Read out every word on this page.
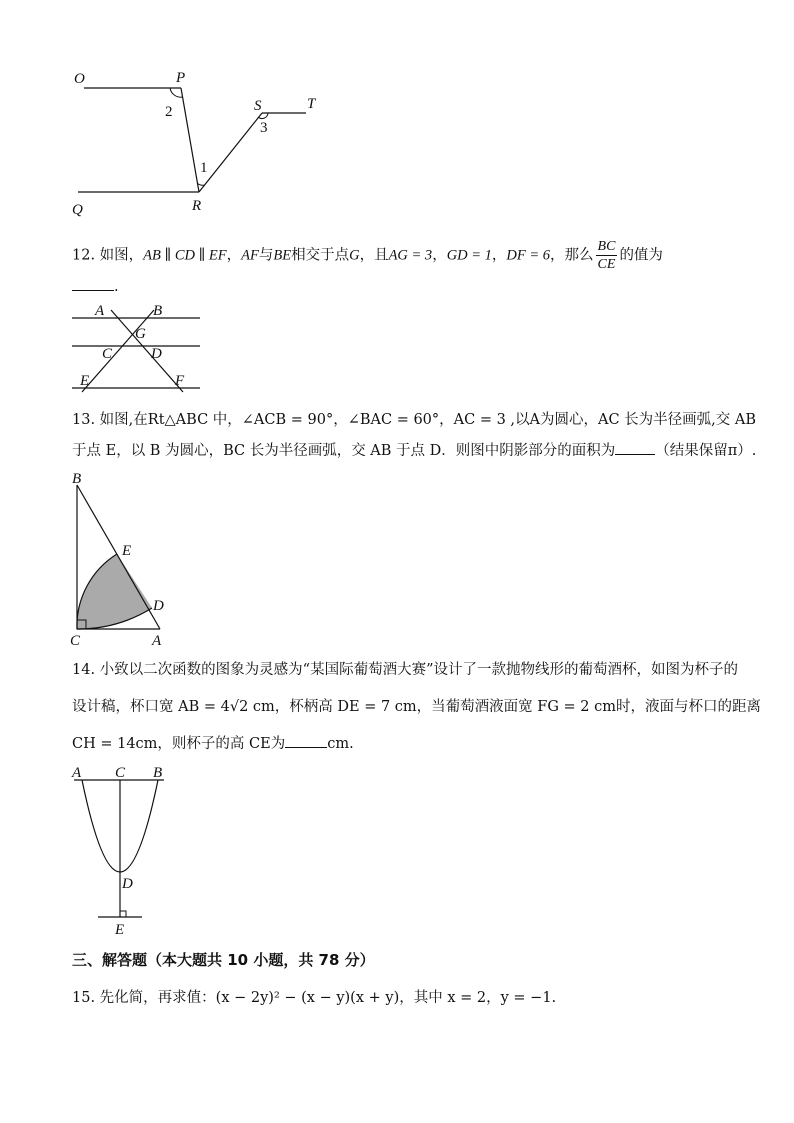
O	P
Q	R
S	T
1
2
3
12. 如图，AB ∥ CD ∥ EF，AF与BE相交于点G，且AG = 3，GD = 1，DF = 6，那么 $\frac{BC}{CE}$ 的值为
.
A	B
G
C	D
E	F
13. 如图,在Rt△ABC 中，∠ACB = 90°，∠BAC = 60°，AC = 3 ,以A为圆心，AC 长为半径画弧,交 AB
于点 E，以 B 为圆心，BC 长为半径画弧，交 AB 于点 D．则图中阴影部分的面积为	（结果保留π）.
B
E
D
C	A
14. 小致以二次函数的图象为灵感为“某国际葡萄酒大赛”设计了一款抛物线形的葡萄酒杯，如图为杯子的
设计稿，杯口宽 AB = 4√2 cm，杯柄高 DE = 7 cm，当葡萄酒液面宽 FG = 2 cm时，液面与杯口的距离
CH = 14cm，则杯子的高 CE为	cm.
A C B
D
E
三、解答题（本大题共 10 小题，共 78 分）
15. 先化简，再求值：(x − 2y)² − (x − y)(x + y)，其中 x = 2，y = −1.
